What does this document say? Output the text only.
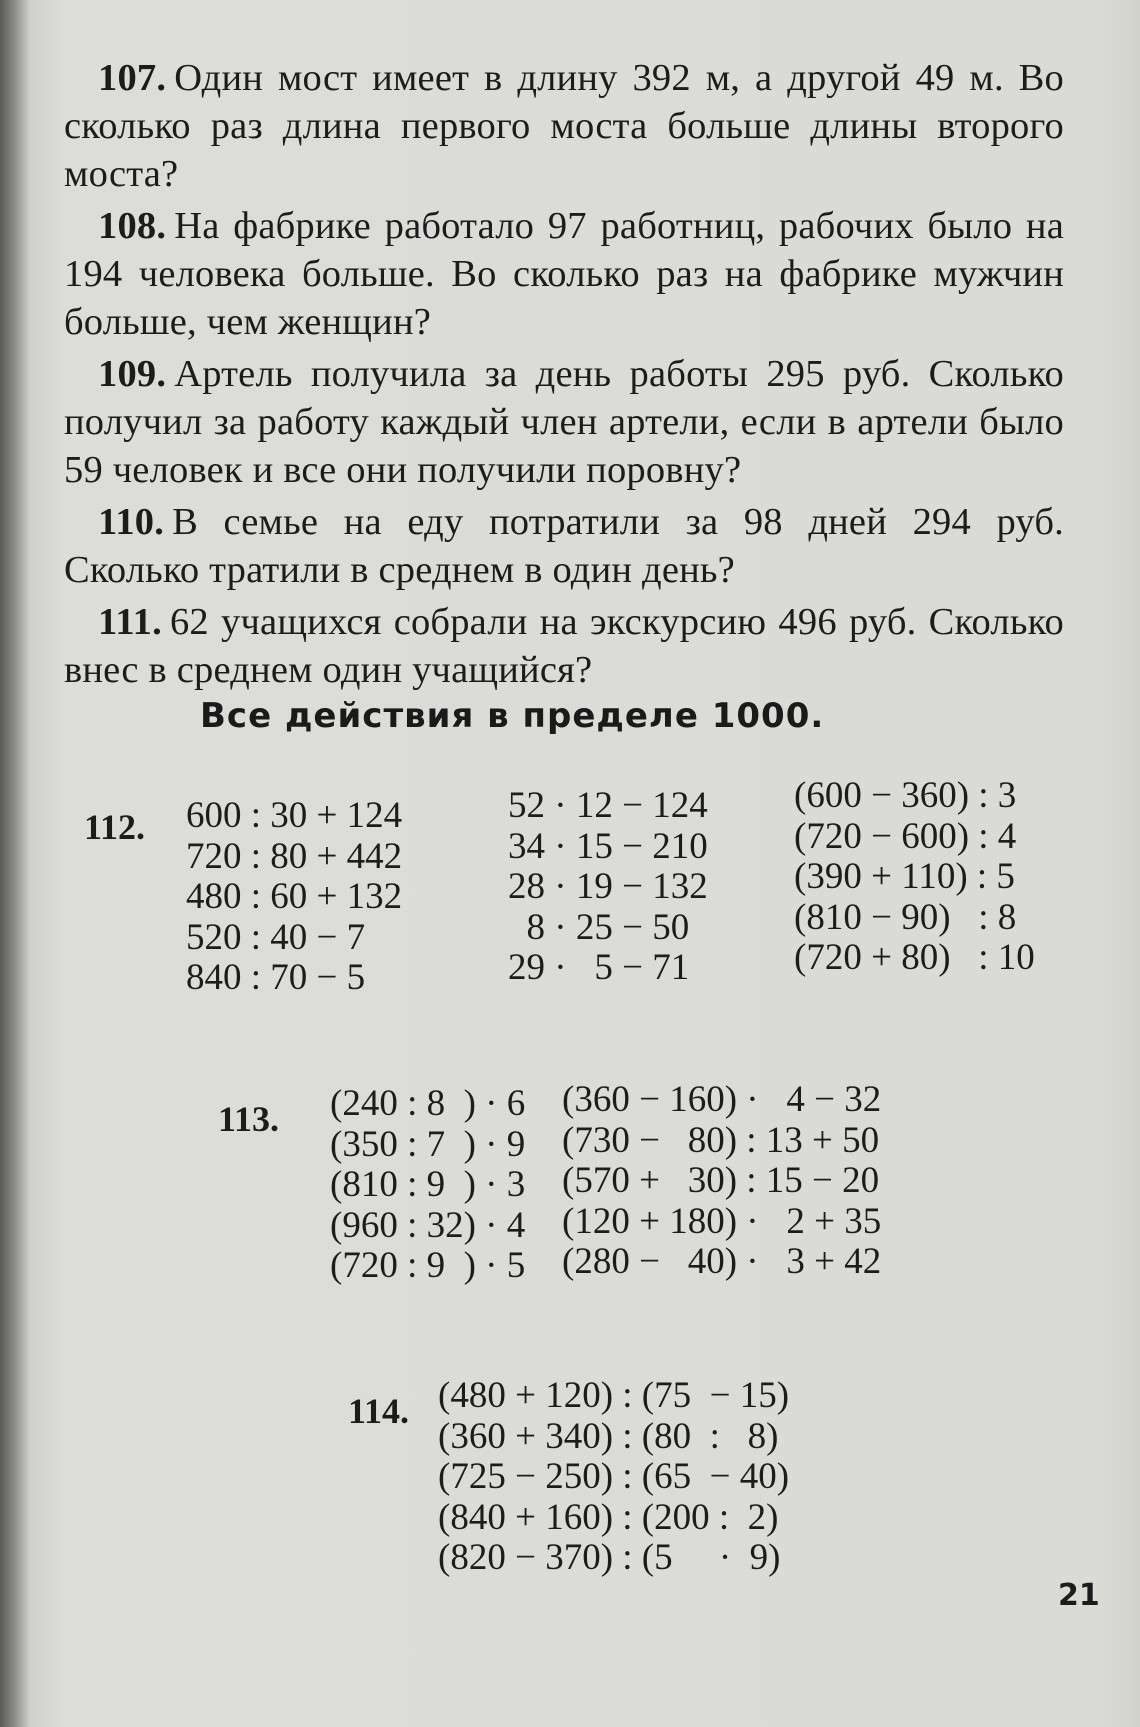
107. Один мост имеет в длину 392 м, а другой 49 м. Во сколько раз длина первого моста больше длины второго моста?

108. На фабрике работало 97 работниц, рабочих было на 194 человека больше. Во сколько раз на фабрике мужчин больше, чем женщин?

109. Артель получила за день работы 295 руб. Сколько получил за работу каждый член артели, если в артели было 59 человек и все они получили поровну?

110. В семье на еду потратили за 98 дней 294 руб. Сколько тратили в среднем в один день?

111. 62 учащихся собрали на экскурсию 496 руб. Сколько внес в среднем один учащийся?

Все действия в пределе 1000.
112. 600 : 30 + 124
720 : 80 + 442
480 : 60 + 132
520 : 40 − 7
840 : 70 − 5
52 · 12 − 124
34 · 15 − 210
28 · 19 − 132
8 · 25 − 50
29 ·   5 − 71
(600 − 360) : 3
(720 − 600) : 4
(390 + 110) : 5
(810 − 90)   : 8
(720 + 80)   : 10
113. (240 : 8  ) · 6
(350 : 7  ) · 9
(810 : 9  ) · 3
(960 : 32) · 4
(720 : 9  ) · 5
(360 − 160) ·   4 − 32
(730 −   80) : 13 + 50
(570 +   30) : 15 − 20
(120 + 180) ·   2 + 35
(280 −   40) ·   3 + 42
114. (480 + 120) : (75  − 15)
(360 + 340) : (80  :   8)
(725 − 250) : (65  − 40)
(840 + 160) : (200 :  2)
(820 − 370) : (5     ·  9)
21
